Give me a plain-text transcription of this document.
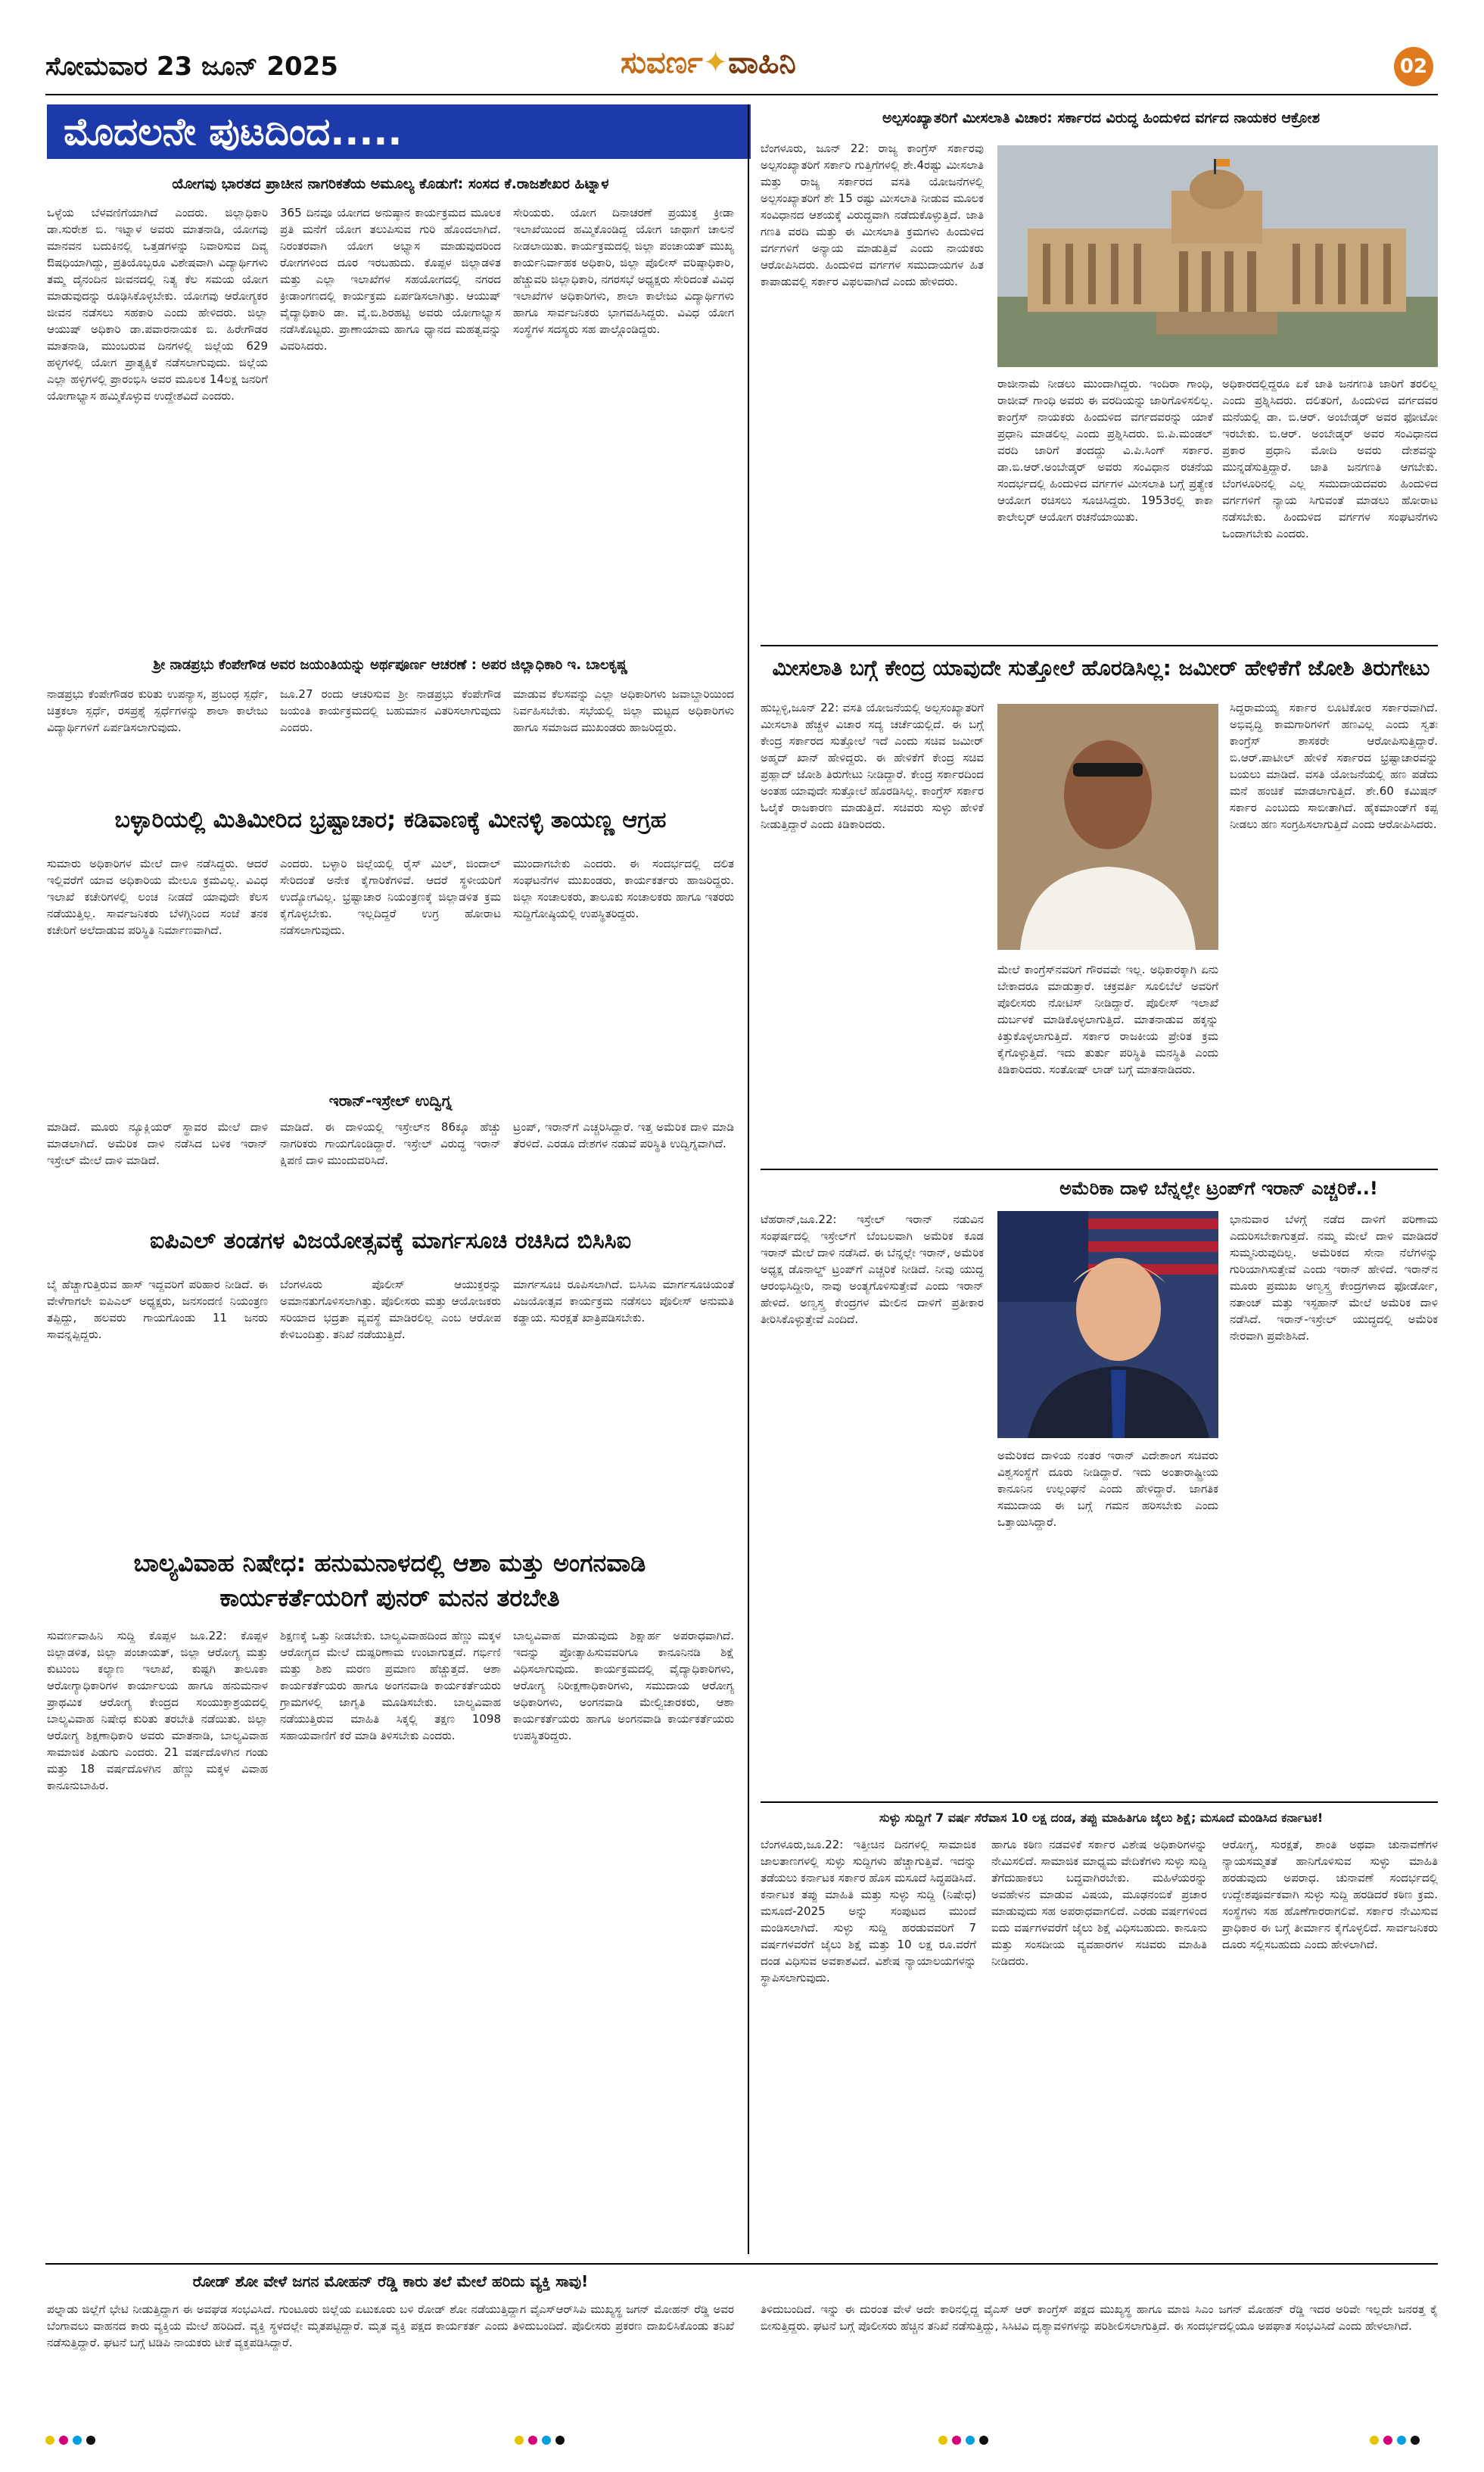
ಸೋಮವಾರ 23 ಜೂನ್ 2025	ಸುವರ್ಣ✦ವಾಹಿನಿ	02
ಮೊದಲನೇ ಪುಟದಿಂದ.....
ಯೋಗವು ಭಾರತದ ಪ್ರಾಚೀನ ನಾಗರಿಕತೆಯ ಅಮೂಲ್ಯ ಕೊಡುಗೆ: ಸಂಸದ ಕೆ.ರಾಜಶೇಖರ ಹಿಟ್ನಾಳ
ಒಳ್ಳೆಯ ಬೆಳವಣಿಗೆಯಾಗಿದೆ ಎಂದರು. ಜಿಲ್ಲಾಧಿಕಾರಿ ಡಾ.ಸುರೇಶ ಬಿ. ಇಟ್ನಾಳ ಅವರು ಮಾತನಾಡಿ, ಯೋಗವು ಮಾನವನ ಬದುಕಿನಲ್ಲಿ ಒತ್ತಡಗಳನ್ನು ನಿವಾರಿಸುವ ದಿವ್ಯ ಔಷಧಿಯಾಗಿದ್ದು, ಪ್ರತಿಯೊಬ್ಬರೂ ವಿಶೇಷವಾಗಿ ವಿದ್ಯಾರ್ಥಿಗಳು ತಮ್ಮ ದೈನಂದಿನ ಜೀವನದಲ್ಲಿ ನಿತ್ಯ ಕೆಲ ಸಮಯ ಯೋಗ ಮಾಡುವುದನ್ನು ರೂಢಿಸಿಕೊಳ್ಳಬೇಕು. ಯೋಗವು ಆರೋಗ್ಯಕರ ಜೀವನ ನಡೆಸಲು ಸಹಕಾರಿ ಎಂದು ಹೇಳಿದರು. ಜಿಲ್ಲಾ ಆಯುಷ್ ಅಧಿಕಾರಿ ಡಾ.ಪವಾರನಾಯಕ ಬಿ. ಹಿರೇಗೌಡರ ಮಾತನಾಡಿ, ಮುಂಬರುವ ದಿನಗಳಲ್ಲಿ ಜಿಲ್ಲೆಯ 629 ಹಳ್ಳಿಗಳಲ್ಲಿ ಯೋಗ ಪ್ರಾತ್ಯಕ್ಷಿಕೆ ನಡೆಸಲಾಗುವುದು. ಜಿಲ್ಲೆಯ ಎಲ್ಲಾ ಹಳ್ಳಿಗಳಲ್ಲಿ ಪ್ರಾರಂಭಿಸಿ ಅವರ ಮೂಲಕ 14ಲಕ್ಷ ಜನರಿಗೆ ಯೋಗಾಭ್ಯಾಸ ಹಮ್ಮಿಕೊಳ್ಳುವ ಉದ್ದೇಶವಿದೆ ಎಂದರು.
365 ದಿನವೂ ಯೋಗದ ಅನುಷ್ಠಾನ ಕಾರ್ಯಕ್ರಮದ ಮೂಲಕ ಪ್ರತಿ ಮನೆಗೆ ಯೋಗ ತಲುಪಿಸುವ ಗುರಿ ಹೊಂದಲಾಗಿದೆ. ನಿರಂತರವಾಗಿ ಯೋಗ ಅಭ್ಯಾಸ ಮಾಡುವುದರಿಂದ ರೋಗಗಳಿಂದ ದೂರ ಇರಬಹುದು. ಕೊಪ್ಪಳ ಜಿಲ್ಲಾಡಳಿತ ಮತ್ತು ಎಲ್ಲಾ ಇಲಾಖೆಗಳ ಸಹಯೋಗದಲ್ಲಿ ನಗರದ ಕ್ರೀಡಾಂಗಣದಲ್ಲಿ ಕಾರ್ಯಕ್ರಮ ಏರ್ಪಡಿಸಲಾಗಿತ್ತು. ಆಯುಷ್ ವೈದ್ಯಾಧಿಕಾರಿ ಡಾ. ವೈ.ಬಿ.ಶಿರಹಟ್ಟಿ ಅವರು ಯೋಗಾಭ್ಯಾಸ ನಡೆಸಿಕೊಟ್ಟರು. ಪ್ರಾಣಾಯಾಮ ಹಾಗೂ ಧ್ಯಾನದ ಮಹತ್ವವನ್ನು ವಿವರಿಸಿದರು.
ಸೇರಿಯರು. ಯೋಗ ದಿನಾಚರಣೆ ಪ್ರಯುಕ್ತ ಕ್ರೀಡಾ ಇಲಾಖೆಯಿಂದ ಹಮ್ಮಿಕೊಂಡಿದ್ದ ಯೋಗ ಜಾಥಾಗೆ ಚಾಲನೆ ನೀಡಲಾಯಿತು. ಕಾರ್ಯಕ್ರಮದಲ್ಲಿ ಜಿಲ್ಲಾ ಪಂಚಾಯತ್ ಮುಖ್ಯ ಕಾರ್ಯನಿರ್ವಾಹಕ ಅಧಿಕಾರಿ, ಜಿಲ್ಲಾ ಪೊಲೀಸ್ ವರಿಷ್ಠಾಧಿಕಾರಿ, ಹೆಚ್ಚುವರಿ ಜಿಲ್ಲಾಧಿಕಾರಿ, ನಗರಸಭೆ ಅಧ್ಯಕ್ಷರು ಸೇರಿದಂತೆ ವಿವಿಧ ಇಲಾಖೆಗಳ ಅಧಿಕಾರಿಗಳು, ಶಾಲಾ ಕಾಲೇಜು ವಿದ್ಯಾರ್ಥಿಗಳು ಹಾಗೂ ಸಾರ್ವಜನಿಕರು ಭಾಗವಹಿಸಿದ್ದರು. ವಿವಿಧ ಯೋಗ ಸಂಸ್ಥೆಗಳ ಸದಸ್ಯರು ಸಹ ಪಾಲ್ಗೊಂಡಿದ್ದರು.
ಶ್ರೀ ನಾಡಪ್ರಭು ಕೆಂಪೇಗೌಡ ಅವರ ಜಯಂತಿಯನ್ನು ಅರ್ಥಪೂರ್ಣ ಆಚರಣೆ : ಅಪರ ಜಿಲ್ಲಾಧಿಕಾರಿ ಇ. ಬಾಲಕೃಷ್ಣ
ನಾಡಪ್ರಭು ಕೆಂಪೇಗೌಡರ ಕುರಿತು ಉಪನ್ಯಾಸ, ಪ್ರಬಂಧ ಸ್ಪರ್ಧೆ, ಚಿತ್ರಕಲಾ ಸ್ಪರ್ಧೆ, ರಸಪ್ರಶ್ನೆ ಸ್ಪರ್ಧೆಗಳನ್ನು ಶಾಲಾ ಕಾಲೇಜು ವಿದ್ಯಾರ್ಥಿಗಳಿಗೆ ಏರ್ಪಡಿಸಲಾಗುವುದು.
ಜೂ.27 ರಂದು ಆಚರಿಸುವ ಶ್ರೀ ನಾಡಪ್ರಭು ಕೆಂಪೇಗೌಡ ಜಯಂತಿ ಕಾರ್ಯಕ್ರಮದಲ್ಲಿ ಬಹುಮಾನ ವಿತರಿಸಲಾಗುವುದು ಎಂದರು.
ಮಾಡುವ ಕೆಲಸವನ್ನು ಎಲ್ಲಾ ಅಧಿಕಾರಿಗಳು ಜವಾಬ್ದಾರಿಯಿಂದ ನಿರ್ವಹಿಸಬೇಕು. ಸಭೆಯಲ್ಲಿ ಜಿಲ್ಲಾ ಮಟ್ಟದ ಅಧಿಕಾರಿಗಳು ಹಾಗೂ ಸಮಾಜದ ಮುಖಂಡರು ಹಾಜರಿದ್ದರು.
ಬಳ್ಳಾರಿಯಲ್ಲಿ ಮಿತಿಮೀರಿದ ಭ್ರಷ್ಟಾಚಾರ; ಕಡಿವಾಣಕ್ಕೆ ಮೀನಳ್ಳಿ ತಾಯಣ್ಣ ಆಗ್ರಹ
ಸುಮಾರು ಅಧಿಕಾರಿಗಳ ಮೇಲೆ ದಾಳಿ ನಡೆಸಿದ್ದರು. ಆದರೆ ಇಲ್ಲಿವರೆಗೆ ಯಾವ ಅಧಿಕಾರಿಯ ಮೇಲೂ ಕ್ರಮವಿಲ್ಲ. ವಿವಿಧ ಇಲಾಖೆ ಕಚೇರಿಗಳಲ್ಲಿ ಲಂಚ ನೀಡದೆ ಯಾವುದೇ ಕೆಲಸ ನಡೆಯುತ್ತಿಲ್ಲ. ಸಾರ್ವಜನಿಕರು ಬೆಳಗ್ಗಿನಿಂದ ಸಂಜೆ ತನಕ ಕಚೇರಿಗೆ ಅಲೆದಾಡುವ ಪರಿಸ್ಥಿತಿ ನಿರ್ಮಾಣವಾಗಿದೆ.
ಎಂದರು. ಬಳ್ಳಾರಿ ಜಿಲ್ಲೆಯಲ್ಲಿ ರೈಸ್ ಮಿಲ್, ಜಿಂದಾಲ್ ಸೇರಿದಂತೆ ಅನೇಕ ಕೈಗಾರಿಕೆಗಳಿವೆ. ಆದರೆ ಸ್ಥಳೀಯರಿಗೆ ಉದ್ಯೋಗವಿಲ್ಲ. ಭ್ರಷ್ಟಾಚಾರ ನಿಯಂತ್ರಣಕ್ಕೆ ಜಿಲ್ಲಾಡಳಿತ ಕ್ರಮ ಕೈಗೊಳ್ಳಬೇಕು. ಇಲ್ಲದಿದ್ದರೆ ಉಗ್ರ ಹೋರಾಟ ನಡೆಸಲಾಗುವುದು.
ಮುಂದಾಗಬೇಕು ಎಂದರು. ಈ ಸಂದರ್ಭದಲ್ಲಿ ದಲಿತ ಸಂಘಟನೆಗಳ ಮುಖಂಡರು, ಕಾರ್ಯಕರ್ತರು ಹಾಜರಿದ್ದರು. ಜಿಲ್ಲಾ ಸಂಚಾಲಕರು, ತಾಲೂಕು ಸಂಚಾಲಕರು ಹಾಗೂ ಇತರರು ಸುದ್ದಿಗೋಷ್ಠಿಯಲ್ಲಿ ಉಪಸ್ಥಿತರಿದ್ದರು.
ಇರಾನ್-ಇಸ್ರೇಲ್ ಉದ್ವಿಗ್ನ
ಮಾಡಿದೆ. ಮೂರು ನ್ಯೂಕ್ಲಿಯರ್ ಸ್ಥಾವರ ಮೇಲೆ ದಾಳಿ ಮಾಡಲಾಗಿದೆ. ಅಮೆರಿಕ ದಾಳಿ ನಡೆಸಿದ ಬಳಿಕ ಇರಾನ್ ಇಸ್ರೇಲ್ ಮೇಲೆ ದಾಳಿ ಮಾಡಿದೆ.
ಮಾಡಿದೆ. ಈ ದಾಳಿಯಲ್ಲಿ ಇಸ್ರೇಲ್‌ನ 86ಕ್ಕೂ ಹೆಚ್ಚು ನಾಗರಿಕರು ಗಾಯಗೊಂಡಿದ್ದಾರೆ. ಇಸ್ರೇಲ್ ವಿರುದ್ಧ ಇರಾನ್ ಕ್ಷಿಪಣಿ ದಾಳಿ ಮುಂದುವರಿಸಿದೆ.
ಟ್ರಂಪ್, ಇರಾನ್‌ಗೆ ಎಚ್ಚರಿಸಿದ್ದಾರೆ. ಇತ್ತ ಅಮೆರಿಕ ದಾಳಿ ಮಾಡಿ ತೆರಳಿದೆ. ಎರಡೂ ದೇಶಗಳ ನಡುವೆ ಪರಿಸ್ಥಿತಿ ಉದ್ವಿಗ್ನವಾಗಿದೆ.
ಐಪಿಎಲ್ ತಂಡಗಳ ವಿಜಯೋತ್ಸವಕ್ಕೆ ಮಾರ್ಗಸೂಚಿ ರಚಿಸಿದ ಬಿಸಿಸಿಐ
ಬೈ ಹೆಚ್ಚಾಗುತ್ತಿರುವ ಹಾಸ್ ಇದ್ದವರಿಗೆ ಪರಿಹಾರ ನೀಡಿದೆ. ಈ ವೇಳೆಗಾಗಲೇ ಐಪಿಎಲ್ ಅಧ್ಯಕ್ಷರು, ಜನಸಂದಣಿ ನಿಯಂತ್ರಣ ತಪ್ಪಿದ್ದು, ಹಲವರು ಗಾಯಗೊಂಡು 11 ಜನರು ಸಾವನ್ನಪ್ಪಿದ್ದರು.
ಬೆಂಗಳೂರು ಪೊಲೀಸ್ ಆಯುಕ್ತರನ್ನು ಅಮಾನತುಗೊಳಿಸಲಾಗಿತ್ತು. ಪೊಲೀಸರು ಮತ್ತು ಆಯೋಜಕರು ಸರಿಯಾದ ಭದ್ರತಾ ವ್ಯವಸ್ಥೆ ಮಾಡಿರಲಿಲ್ಲ ಎಂಬ ಆರೋಪ ಕೇಳಿಬಂದಿತ್ತು. ತನಿಖೆ ನಡೆಯುತ್ತಿದೆ.
ಮಾರ್ಗಸೂಚಿ ರೂಪಿಸಲಾಗಿದೆ. ಬಿಸಿಸಿಐ ಮಾರ್ಗಸೂಚಿಯಂತೆ ವಿಜಯೋತ್ಸವ ಕಾರ್ಯಕ್ರಮ ನಡೆಸಲು ಪೊಲೀಸ್ ಅನುಮತಿ ಕಡ್ಡಾಯ. ಸುರಕ್ಷತೆ ಖಾತ್ರಿಪಡಿಸಬೇಕು.
ಬಾಲ್ಯವಿವಾಹ ನಿಷೇಧ: ಹನುಮನಾಳದಲ್ಲಿ ಆಶಾ ಮತ್ತು ಅಂಗನವಾಡಿ ಕಾರ್ಯಕರ್ತೆಯರಿಗೆ ಪುನರ್ ಮನನ ತರಬೇತಿ
ಸುವರ್ಣವಾಹಿನಿ ಸುದ್ದಿ ಕೊಪ್ಪಳ ಜೂ.22: ಕೊಪ್ಪಳ ಜಿಲ್ಲಾಡಳಿತ, ಜಿಲ್ಲಾ ಪಂಚಾಯತ್, ಜಿಲ್ಲಾ ಆರೋಗ್ಯ ಮತ್ತು ಕುಟುಂಬ ಕಲ್ಯಾಣ ಇಲಾಖೆ, ಕುಷ್ಟಗಿ ತಾಲೂಕಾ ಆರೋಗ್ಯಾಧಿಕಾರಿಗಳ ಕಾರ್ಯಾಲಯ ಹಾಗೂ ಹನುಮನಾಳ ಪ್ರಾಥಮಿಕ ಆರೋಗ್ಯ ಕೇಂದ್ರದ ಸಂಯುಕ್ತಾಶ್ರಯದಲ್ಲಿ ಬಾಲ್ಯವಿವಾಹ ನಿಷೇಧ ಕುರಿತು ತರಬೇತಿ ನಡೆಯಿತು. ಜಿಲ್ಲಾ ಆರೋಗ್ಯ ಶಿಕ್ಷಣಾಧಿಕಾರಿ ಅವರು ಮಾತನಾಡಿ, ಬಾಲ್ಯವಿವಾಹ ಸಾಮಾಜಿಕ ಪಿಡುಗು ಎಂದರು. 21 ವರ್ಷದೊಳಗಿನ ಗಂಡು ಮತ್ತು 18 ವರ್ಷದೊಳಗಿನ ಹೆಣ್ಣು ಮಕ್ಕಳ ವಿವಾಹ ಕಾನೂನುಬಾಹಿರ.
ಶಿಕ್ಷಣಕ್ಕೆ ಒತ್ತು ನೀಡಬೇಕು. ಬಾಲ್ಯವಿವಾಹದಿಂದ ಹೆಣ್ಣು ಮಕ್ಕಳ ಆರೋಗ್ಯದ ಮೇಲೆ ದುಷ್ಪರಿಣಾಮ ಉಂಟಾಗುತ್ತದೆ. ಗರ್ಭಿಣಿ ಮತ್ತು ಶಿಶು ಮರಣ ಪ್ರಮಾಣ ಹೆಚ್ಚುತ್ತದೆ. ಆಶಾ ಕಾರ್ಯಕರ್ತೆಯರು ಹಾಗೂ ಅಂಗನವಾಡಿ ಕಾರ್ಯಕರ್ತೆಯರು ಗ್ರಾಮಗಳಲ್ಲಿ ಜಾಗೃತಿ ಮೂಡಿಸಬೇಕು. ಬಾಲ್ಯವಿವಾಹ ನಡೆಯುತ್ತಿರುವ ಮಾಹಿತಿ ಸಿಕ್ಕಲ್ಲಿ ತಕ್ಷಣ 1098 ಸಹಾಯವಾಣಿಗೆ ಕರೆ ಮಾಡಿ ತಿಳಿಸಬೇಕು ಎಂದರು.
ಬಾಲ್ಯವಿವಾಹ ಮಾಡುವುದು ಶಿಕ್ಷಾರ್ಹ ಅಪರಾಧವಾಗಿದೆ. ಇದನ್ನು ಪ್ರೋತ್ಸಾಹಿಸುವವರಿಗೂ ಕಾನೂನಿನಡಿ ಶಿಕ್ಷೆ ವಿಧಿಸಲಾಗುವುದು. ಕಾರ್ಯಕ್ರಮದಲ್ಲಿ ವೈದ್ಯಾಧಿಕಾರಿಗಳು, ಆರೋಗ್ಯ ನಿರೀಕ್ಷಣಾಧಿಕಾರಿಗಳು, ಸಮುದಾಯ ಆರೋಗ್ಯ ಅಧಿಕಾರಿಗಳು, ಅಂಗನವಾಡಿ ಮೇಲ್ವಿಚಾರಕರು, ಆಶಾ ಕಾರ್ಯಕರ್ತೆಯರು ಹಾಗೂ ಅಂಗನವಾಡಿ ಕಾರ್ಯಕರ್ತೆಯರು ಉಪಸ್ಥಿತರಿದ್ದರು.
ಅಲ್ಪಸಂಖ್ಯಾತರಿಗೆ ಮೀಸಲಾತಿ ವಿಚಾರ: ಸರ್ಕಾರದ ವಿರುದ್ಧ ಹಿಂದುಳಿದ ವರ್ಗದ ನಾಯಕರ ಆಕ್ರೋಶ
ಬೆಂಗಳೂರು, ಜೂನ್ 22: ರಾಜ್ಯ ಕಾಂಗ್ರೆಸ್ ಸರ್ಕಾರವು ಅಲ್ಪಸಂಖ್ಯಾತರಿಗೆ ಸರ್ಕಾರಿ ಗುತ್ತಿಗೆಗಳಲ್ಲಿ ಶೇ.4ರಷ್ಟು ಮೀಸಲಾತಿ ಮತ್ತು ರಾಜ್ಯ ಸರ್ಕಾರದ ವಸತಿ ಯೋಜನೆಗಳಲ್ಲಿ ಅಲ್ಪಸಂಖ್ಯಾತರಿಗೆ ಶೇ 15 ರಷ್ಟು ಮೀಸಲಾತಿ ನೀಡುವ ಮೂಲಕ ಸಂವಿಧಾನದ ಆಶಯಕ್ಕೆ ವಿರುದ್ಧವಾಗಿ ನಡೆದುಕೊಳ್ಳುತ್ತಿದೆ. ಜಾತಿ ಗಣತಿ ವರದಿ ಮತ್ತು ಈ ಮೀಸಲಾತಿ ಕ್ರಮಗಳು ಹಿಂದುಳಿದ ವರ್ಗಗಳಿಗೆ ಅನ್ಯಾಯ ಮಾಡುತ್ತಿವೆ ಎಂದು ನಾಯಕರು ಆರೋಪಿಸಿದರು. ಹಿಂದುಳಿದ ವರ್ಗಗಳ ಸಮುದಾಯಗಳ ಹಿತ ಕಾಪಾಡುವಲ್ಲಿ ಸರ್ಕಾರ ವಿಫಲವಾಗಿದೆ ಎಂದು ಹೇಳಿದರು.
ರಾಜೀನಾಮೆ ನೀಡಲು ಮುಂದಾಗಿದ್ದರು. ಇಂದಿರಾ ಗಾಂಧಿ, ರಾಜೀವ್ ಗಾಂಧಿ ಅವರು ಈ ವರದಿಯನ್ನು ಜಾರಿಗೊಳಿಸಲಿಲ್ಲ. ಕಾಂಗ್ರೆಸ್ ನಾಯಕರು ಹಿಂದುಳಿದ ವರ್ಗದವರನ್ನು ಯಾಕೆ ಪ್ರಧಾನಿ ಮಾಡಲಿಲ್ಲ ಎಂದು ಪ್ರಶ್ನಿಸಿದರು. ಬಿ.ಪಿ.ಮಂಡಲ್ ವರದಿ ಜಾರಿಗೆ ತಂದದ್ದು ವಿ.ಪಿ.ಸಿಂಗ್ ಸರ್ಕಾರ. ಡಾ.ಬಿ.ಆರ್.ಅಂಬೇಡ್ಕರ್ ಅವರು ಸಂವಿಧಾನ ರಚನೆಯ ಸಂದರ್ಭದಲ್ಲಿ ಹಿಂದುಳಿದ ವರ್ಗಗಳ ಮೀಸಲಾತಿ ಬಗ್ಗೆ ಪ್ರತ್ಯೇಕ ಆಯೋಗ ರಚಿಸಲು ಸೂಚಿಸಿದ್ದರು. 1953ರಲ್ಲಿ ಕಾಕಾ ಕಾಲೇಲ್ಕರ್ ಆಯೋಗ ರಚನೆಯಾಯಿತು.
ಅಧಿಕಾರದಲ್ಲಿದ್ದರೂ ಏಕೆ ಜಾತಿ ಜನಗಣತಿ ಜಾರಿಗೆ ತರಲಿಲ್ಲ ಎಂದು ಪ್ರಶ್ನಿಸಿದರು. ದಲಿತರಿಗೆ, ಹಿಂದುಳಿದ ವರ್ಗದವರ ಮನೆಯಲ್ಲಿ ಡಾ. ಬಿ.ಆರ್. ಅಂಬೇಡ್ಕರ್ ಅವರ ಫೋಟೋ ಇರಬೇಕು. ಬಿ.ಆರ್. ಅಂಬೇಡ್ಕರ್ ಅವರ ಸಂವಿಧಾನದ ಪ್ರಕಾರ ಪ್ರಧಾನಿ ಮೋದಿ ಅವರು ದೇಶವನ್ನು ಮುನ್ನಡೆಸುತ್ತಿದ್ದಾರೆ. ಜಾತಿ ಜನಗಣತಿ ಆಗಬೇಕು. ಬೆಂಗಳೂರಿನಲ್ಲಿ ಎಲ್ಲ ಸಮುದಾಯದವರು ಹಿಂದುಳಿದ ವರ್ಗಗಳಿಗೆ ನ್ಯಾಯ ಸಿಗುವಂತೆ ಮಾಡಲು ಹೋರಾಟ ನಡೆಸಬೇಕು. ಹಿಂದುಳಿದ ವರ್ಗಗಳ ಸಂಘಟನೆಗಳು ಒಂದಾಗಬೇಕು ಎಂದರು.
ಮೀಸಲಾತಿ ಬಗ್ಗೆ ಕೇಂದ್ರ ಯಾವುದೇ ಸುತ್ತೋಲೆ ಹೊರಡಿಸಿಲ್ಲ: ಜಮೀರ್ ಹೇಳಿಕೆಗೆ ಜೋಶಿ ತಿರುಗೇಟು
ಹುಬ್ಬಳ್ಳಿ,ಜೂನ್ 22: ವಸತಿ ಯೋಜನೆಯಲ್ಲಿ ಅಲ್ಪಸಂಖ್ಯಾತರಿಗೆ ಮೀಸಲಾತಿ ಹೆಚ್ಚಳ ವಿಚಾರ ಸದ್ಯ ಚರ್ಚೆಯಲ್ಲಿದೆ. ಈ ಬಗ್ಗೆ ಕೇಂದ್ರ ಸರ್ಕಾರದ ಸುತ್ತೋಲೆ ಇದೆ ಎಂದು ಸಚಿವ ಜಮೀರ್ ಅಹ್ಮದ್ ಖಾನ್ ಹೇಳಿದ್ದರು. ಈ ಹೇಳಿಕೆಗೆ ಕೇಂದ್ರ ಸಚಿವ ಪ್ರಹ್ಲಾದ್ ಜೋಶಿ ತಿರುಗೇಟು ನೀಡಿದ್ದಾರೆ. ಕೇಂದ್ರ ಸರ್ಕಾರದಿಂದ ಅಂತಹ ಯಾವುದೇ ಸುತ್ತೋಲೆ ಹೊರಡಿಸಿಲ್ಲ. ಕಾಂಗ್ರೆಸ್ ಸರ್ಕಾರ ಓಲೈಕೆ ರಾಜಕಾರಣ ಮಾಡುತ್ತಿದೆ. ಸಚಿವರು ಸುಳ್ಳು ಹೇಳಿಕೆ ನೀಡುತ್ತಿದ್ದಾರೆ ಎಂದು ಕಿಡಿಕಾರಿದರು.
ಸಿದ್ದರಾಮಯ್ಯ ಸರ್ಕಾರ ಲೂಟಿಕೋರ ಸರ್ಕಾರವಾಗಿದೆ. ಅಭಿವೃದ್ಧಿ ಕಾಮಗಾರಿಗಳಿಗೆ ಹಣವಿಲ್ಲ ಎಂದು ಸ್ವತಃ ಕಾಂಗ್ರೆಸ್ ಶಾಸಕರೇ ಆರೋಪಿಸುತ್ತಿದ್ದಾರೆ. ಬಿ.ಆರ್.ಪಾಟೀಲ್ ಹೇಳಿಕೆ ಸರ್ಕಾರದ ಭ್ರಷ್ಟಾಚಾರವನ್ನು ಬಯಲು ಮಾಡಿದೆ. ವಸತಿ ಯೋಜನೆಯಲ್ಲಿ ಹಣ ಪಡೆದು ಮನೆ ಹಂಚಿಕೆ ಮಾಡಲಾಗುತ್ತಿದೆ. ಶೇ.60 ಕಮಿಷನ್ ಸರ್ಕಾರ ಎಂಬುದು ಸಾಬೀತಾಗಿದೆ. ಹೈಕಮಾಂಡ್‌ಗೆ ಕಪ್ಪ ನೀಡಲು ಹಣ ಸಂಗ್ರಹಿಸಲಾಗುತ್ತಿದೆ ಎಂದು ಆರೋಪಿಸಿದರು.
ಮೇಲೆ ಕಾಂಗ್ರೆಸ್‌ನವರಿಗೆ ಗೌರವವೇ ಇಲ್ಲ. ಅಧಿಕಾರಕ್ಕಾಗಿ ಏನು ಬೇಕಾದರೂ ಮಾಡುತ್ತಾರೆ. ಚಕ್ರವರ್ತಿ ಸೂಲಿಬೆಲೆ ಅವರಿಗೆ ಪೊಲೀಸರು ನೋಟಿಸ್ ನೀಡಿದ್ದಾರೆ. ಪೊಲೀಸ್ ಇಲಾಖೆ ದುರ್ಬಳಕೆ ಮಾಡಿಕೊಳ್ಳಲಾಗುತ್ತಿದೆ. ಮಾತನಾಡುವ ಹಕ್ಕನ್ನು ಕಿತ್ತುಕೊಳ್ಳಲಾಗುತ್ತಿದೆ. ಸರ್ಕಾರ ರಾಜಕೀಯ ಪ್ರೇರಿತ ಕ್ರಮ ಕೈಗೊಳ್ಳುತ್ತಿದೆ. ಇದು ತುರ್ತು ಪರಿಸ್ಥಿತಿ ಮನಸ್ಥಿತಿ ಎಂದು ಕಿಡಿಕಾರಿದರು. ಸಂತೋಷ್ ಲಾಡ್ ಬಗ್ಗೆ ಮಾತನಾಡಿದರು.
ಅಮೆರಿಕಾ ದಾಳಿ ಬೆನ್ನಲ್ಲೇ ಟ್ರಂಪ್‌ಗೆ ಇರಾನ್ ಎಚ್ಚರಿಕೆ..!
ಟೆಹರಾನ್,ಜೂ.22: ಇಸ್ರೇಲ್ ಇರಾನ್ ನಡುವಿನ ಸಂಘರ್ಷದಲ್ಲಿ ಇಸ್ರೇಲ್‌ಗೆ ಬೆಂಬಲವಾಗಿ ಅಮೆರಿಕ ಕೂಡ ಇರಾನ್ ಮೇಲೆ ದಾಳಿ ನಡೆಸಿದೆ. ಈ ಬೆನ್ನಲ್ಲೇ ಇರಾನ್, ಅಮೆರಿಕ ಅಧ್ಯಕ್ಷ ಡೊನಾಲ್ಡ್ ಟ್ರಂಪ್‌ಗೆ ಎಚ್ಚರಿಕೆ ನೀಡಿದೆ. ನೀವು ಯುದ್ಧ ಆರಂಭಿಸಿದ್ದೀರಿ, ನಾವು ಅಂತ್ಯಗೊಳಿಸುತ್ತೇವೆ ಎಂದು ಇರಾನ್ ಹೇಳಿದೆ. ಅಣ್ವಸ್ತ್ರ ಕೇಂದ್ರಗಳ ಮೇಲಿನ ದಾಳಿಗೆ ಪ್ರತೀಕಾರ ತೀರಿಸಿಕೊಳ್ಳುತ್ತೇವೆ ಎಂದಿದೆ.
ಭಾನುವಾರ ಬೆಳಗ್ಗೆ ನಡೆದ ದಾಳಿಗೆ ಪರಿಣಾಮ ಎದುರಿಸಬೇಕಾಗುತ್ತದೆ. ನಮ್ಮ ಮೇಲೆ ದಾಳಿ ಮಾಡಿದರೆ ಸುಮ್ಮನಿರುವುದಿಲ್ಲ. ಅಮೆರಿಕದ ಸೇನಾ ನೆಲೆಗಳನ್ನು ಗುರಿಯಾಗಿಸುತ್ತೇವೆ ಎಂದು ಇರಾನ್ ಹೇಳಿದೆ. ಇರಾನ್‌ನ ಮೂರು ಪ್ರಮುಖ ಅಣ್ವಸ್ತ್ರ ಕೇಂದ್ರಗಳಾದ ಫೋರ್ಡೋ, ನತಾಂಜ್ ಮತ್ತು ಇಸ್ಫಹಾನ್ ಮೇಲೆ ಅಮೆರಿಕ ದಾಳಿ ನಡೆಸಿದೆ. ಇರಾನ್-ಇಸ್ರೇಲ್ ಯುದ್ಧದಲ್ಲಿ ಅಮೆರಿಕ ನೇರವಾಗಿ ಪ್ರವೇಶಿಸಿದೆ.
ಅಮೆರಿಕದ ದಾಳಿಯ ನಂತರ ಇರಾನ್ ವಿದೇಶಾಂಗ ಸಚಿವರು ವಿಶ್ವಸಂಸ್ಥೆಗೆ ದೂರು ನೀಡಿದ್ದಾರೆ. ಇದು ಅಂತಾರಾಷ್ಟ್ರೀಯ ಕಾನೂನಿನ ಉಲ್ಲಂಘನೆ ಎಂದು ಹೇಳಿದ್ದಾರೆ. ಜಾಗತಿಕ ಸಮುದಾಯ ಈ ಬಗ್ಗೆ ಗಮನ ಹರಿಸಬೇಕು ಎಂದು ಒತ್ತಾಯಿಸಿದ್ದಾರೆ.
ಸುಳ್ಳು ಸುದ್ದಿಗೆ 7 ವರ್ಷ ಸೆರೆವಾಸ 10 ಲಕ್ಷ ದಂಡ, ತಪ್ಪು ಮಾಹಿತಿಗೂ ಜೈಲು ಶಿಕ್ಷೆ; ಮಸೂದೆ ಮಂಡಿಸಿದ ಕರ್ನಾಟಕ!
ಬೆಂಗಳೂರು,ಜೂ.22: ಇತ್ತೀಚಿನ ದಿನಗಳಲ್ಲಿ ಸಾಮಾಜಿಕ ಜಾಲತಾಣಗಳಲ್ಲಿ ಸುಳ್ಳು ಸುದ್ದಿಗಳು ಹೆಚ್ಚಾಗುತ್ತಿವೆ. ಇದನ್ನು ತಡೆಯಲು ಕರ್ನಾಟಕ ಸರ್ಕಾರ ಹೊಸ ಮಸೂದೆ ಸಿದ್ಧಪಡಿಸಿದೆ. ಕರ್ನಾಟಕ ತಪ್ಪು ಮಾಹಿತಿ ಮತ್ತು ಸುಳ್ಳು ಸುದ್ದಿ (ನಿಷೇಧ) ಮಸೂದೆ-2025 ಅನ್ನು ಸಂಪುಟದ ಮುಂದೆ ಮಂಡಿಸಲಾಗಿದೆ. ಸುಳ್ಳು ಸುದ್ದಿ ಹರಡುವವರಿಗೆ 7 ವರ್ಷಗಳವರೆಗೆ ಜೈಲು ಶಿಕ್ಷೆ ಮತ್ತು 10 ಲಕ್ಷ ರೂ.ವರೆಗೆ ದಂಡ ವಿಧಿಸುವ ಅವಕಾಶವಿದೆ. ವಿಶೇಷ ನ್ಯಾಯಾಲಯಗಳನ್ನು ಸ್ಥಾಪಿಸಲಾಗುವುದು.
ಹಾಗೂ ಕಠಿಣ ನಡವಳಿಕೆ ಸರ್ಕಾರ ವಿಶೇಷ ಅಧಿಕಾರಿಗಳನ್ನು ನೇಮಿಸಲಿದೆ. ಸಾಮಾಜಿಕ ಮಾಧ್ಯಮ ವೇದಿಕೆಗಳು ಸುಳ್ಳು ಸುದ್ದಿ ತೆಗೆದುಹಾಕಲು ಬದ್ಧವಾಗಿರಬೇಕು. ಮಹಿಳೆಯರನ್ನು ಅವಹೇಳನ ಮಾಡುವ ವಿಷಯ, ಮೂಢನಂಬಿಕೆ ಪ್ರಚಾರ ಮಾಡುವುದು ಸಹ ಅಪರಾಧವಾಗಲಿದೆ. ಎರಡು ವರ್ಷಗಳಿಂದ ಐದು ವರ್ಷಗಳವರೆಗೆ ಜೈಲು ಶಿಕ್ಷೆ ವಿಧಿಸಬಹುದು. ಕಾನೂನು ಮತ್ತು ಸಂಸದೀಯ ವ್ಯವಹಾರಗಳ ಸಚಿವರು ಮಾಹಿತಿ ನೀಡಿದರು.
ಆರೋಗ್ಯ, ಸುರಕ್ಷತೆ, ಶಾಂತಿ ಅಥವಾ ಚುನಾವಣೆಗಳ ನ್ಯಾಯಸಮ್ಮತತೆ ಹಾನಿಗೊಳಿಸುವ ಸುಳ್ಳು ಮಾಹಿತಿ ಹರಡುವುದು ಅಪರಾಧ. ಚುನಾವಣೆ ಸಂದರ್ಭದಲ್ಲಿ ಉದ್ದೇಶಪೂರ್ವಕವಾಗಿ ಸುಳ್ಳು ಸುದ್ದಿ ಹರಡಿದರೆ ಕಠಿಣ ಕ್ರಮ. ಸಂಸ್ಥೆಗಳು ಸಹ ಹೊಣೆಗಾರರಾಗಲಿವೆ. ಸರ್ಕಾರ ನೇಮಿಸುವ ಪ್ರಾಧಿಕಾರ ಈ ಬಗ್ಗೆ ತೀರ್ಮಾನ ಕೈಗೊಳ್ಳಲಿದೆ. ಸಾರ್ವಜನಿಕರು ದೂರು ಸಲ್ಲಿಸಬಹುದು ಎಂದು ಹೇಳಲಾಗಿದೆ.
ರೋಡ್ ಶೋ ವೇಳೆ ಜಗನ ಮೋಹನ್ ರೆಡ್ಡಿ ಕಾರು ತಲೆ ಮೇಲೆ ಹರಿದು ವ್ಯಕ್ತಿ ಸಾವು!
ಪಲ್ನಾಡು ಜಿಲ್ಲೆಗೆ ಭೇಟಿ ನೀಡುತ್ತಿದ್ದಾಗ ಈ ಅವಘಡ ಸಂಭವಿಸಿದೆ. ಗುಂಟೂರು ಜಿಲ್ಲೆಯ ಏಟುಕೂರು ಬಳಿ ರೋಡ್ ಶೋ ನಡೆಯುತ್ತಿದ್ದಾಗ ವೈಎಸ್‌ಆರ್‌ಸಿಪಿ ಮುಖ್ಯಸ್ಥ ಜಗನ್ ಮೋಹನ್ ರೆಡ್ಡಿ ಅವರ ಬೆಂಗಾವಲು ವಾಹನದ ಕಾರು ವ್ಯಕ್ತಿಯ ಮೇಲೆ ಹರಿದಿದೆ. ವ್ಯಕ್ತಿ ಸ್ಥಳದಲ್ಲೇ ಮೃತಪಟ್ಟಿದ್ದಾರೆ. ಮೃತ ವ್ಯಕ್ತಿ ಪಕ್ಷದ ಕಾರ್ಯಕರ್ತ ಎಂದು ತಿಳಿದುಬಂದಿದೆ. ಪೊಲೀಸರು ಪ್ರಕರಣ ದಾಖಲಿಸಿಕೊಂಡು ತನಿಖೆ ನಡೆಸುತ್ತಿದ್ದಾರೆ. ಘಟನೆ ಬಗ್ಗೆ ಟಿಡಿಪಿ ನಾಯಕರು ಟೀಕೆ ವ್ಯಕ್ತಪಡಿಸಿದ್ದಾರೆ.
ತಿಳಿದುಬಂದಿದೆ. ಇನ್ನು ಈ ದುರಂತ ವೇಳೆ ಅದೇ ಕಾರಿನಲ್ಲಿದ್ದ ವೈಎಸ್ ಆರ್ ಕಾಂಗ್ರೆಸ್ ಪಕ್ಷದ ಮುಖ್ಯಸ್ಥ ಹಾಗೂ ಮಾಜಿ ಸಿಎಂ ಜಗನ್ ಮೋಹನ್ ರೆಡ್ಡಿ ಇದರ ಅರಿವೇ ಇಲ್ಲದೇ ಜನರತ್ತ ಕೈ ಬೀಸುತ್ತಿದ್ದರು. ಘಟನೆ ಬಗ್ಗೆ ಪೊಲೀಸರು ಹೆಚ್ಚಿನ ತನಿಖೆ ನಡೆಸುತ್ತಿದ್ದು, ಸಿಸಿಟಿವಿ ದೃಶ್ಯಾವಳಿಗಳನ್ನು ಪರಿಶೀಲಿಸಲಾಗುತ್ತಿದೆ. ಈ ಸಂದರ್ಭದಲ್ಲಿಯೂ ಅಪಘಾತ ಸಂಭವಿಸಿದೆ ಎಂದು ಹೇಳಲಾಗಿದೆ.
